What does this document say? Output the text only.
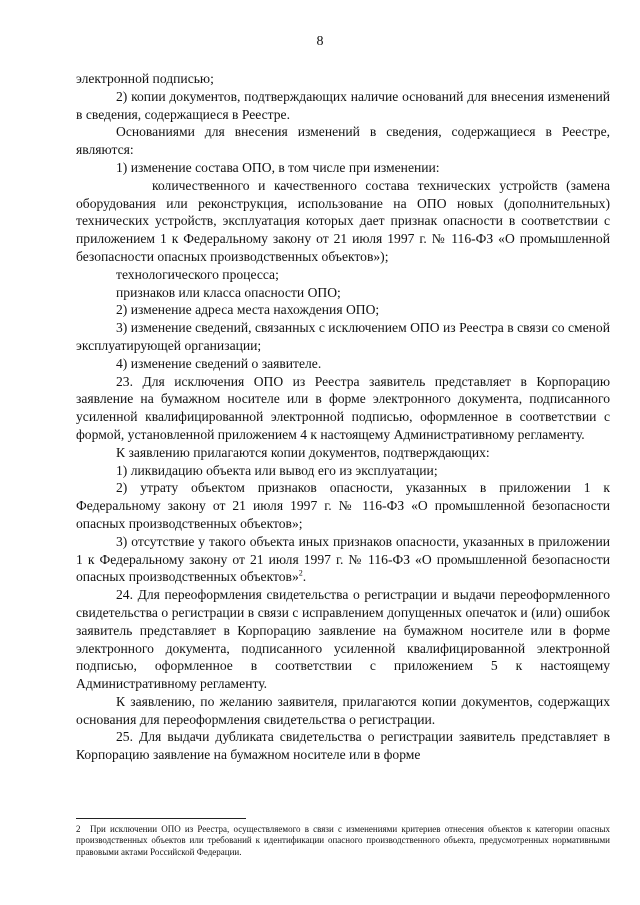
8

электронной подписью;

2) копии документов, подтверждающих наличие оснований для внесения изменений в сведения, содержащиеся в Реестре.

Основаниями для внесения изменений в сведения, содержащиеся в Реестре, являются:

1) изменение состава ОПО, в том числе при изменении:

количественного и качественного состава технических устройств (замена оборудования или реконструкция, использование на ОПО новых (дополнительных) технических устройств, эксплуатация которых дает признак опасности в соответствии с приложением 1 к Федеральному закону от 21 июля 1997 г. № 116-ФЗ «О промышленной безопасности опасных производственных объектов»);

технологического процесса;

признаков или класса опасности ОПО;

2) изменение адреса места нахождения ОПО;

3) изменение сведений, связанных с исключением ОПО из Реестра в связи со сменой эксплуатирующей организации;

4) изменение сведений о заявителе.

23. Для исключения ОПО из Реестра заявитель представляет в Корпорацию заявление на бумажном носителе или в форме электронного документа, подписанного усиленной квалифицированной электронной подписью, оформленное в соответствии с формой, установленной приложением 4 к настоящему Административному регламенту.

К заявлению прилагаются копии документов, подтверждающих:

1) ликвидацию объекта или вывод его из эксплуатации;

2) утрату объектом признаков опасности, указанных в приложении 1 к Федеральному закону от 21 июля 1997 г. № 116-ФЗ «О промышленной безопасности опасных производственных объектов»;

3) отсутствие у такого объекта иных признаков опасности, указанных в приложении 1 к Федеральному закону от 21 июля 1997 г. № 116-ФЗ «О промышленной безопасности опасных производственных объектов»$^2$.

24. Для переоформления свидетельства о регистрации и выдачи переоформленного свидетельства о регистрации в связи с исправлением допущенных опечаток и (или) ошибок заявитель представляет в Корпорацию заявление на бумажном носителе или в форме электронного документа, подписанного усиленной квалифицированной электронной подписью, оформленное в соответствии с приложением 5 к настоящему Административному регламенту.

К заявлению, по желанию заявителя, прилагаются копии документов, содержащих основания для переоформления свидетельства о регистрации.

25. Для выдачи дубликата свидетельства о регистрации заявитель представляет в Корпорацию заявление на бумажном носителе или в форме

2 При исключении ОПО из Реестра, осуществляемого в связи с изменениями критериев отнесения объектов к категории опасных производственных объектов или требований к идентификации опасного производственного объекта, предусмотренных нормативными правовыми актами Российской Федерации.
